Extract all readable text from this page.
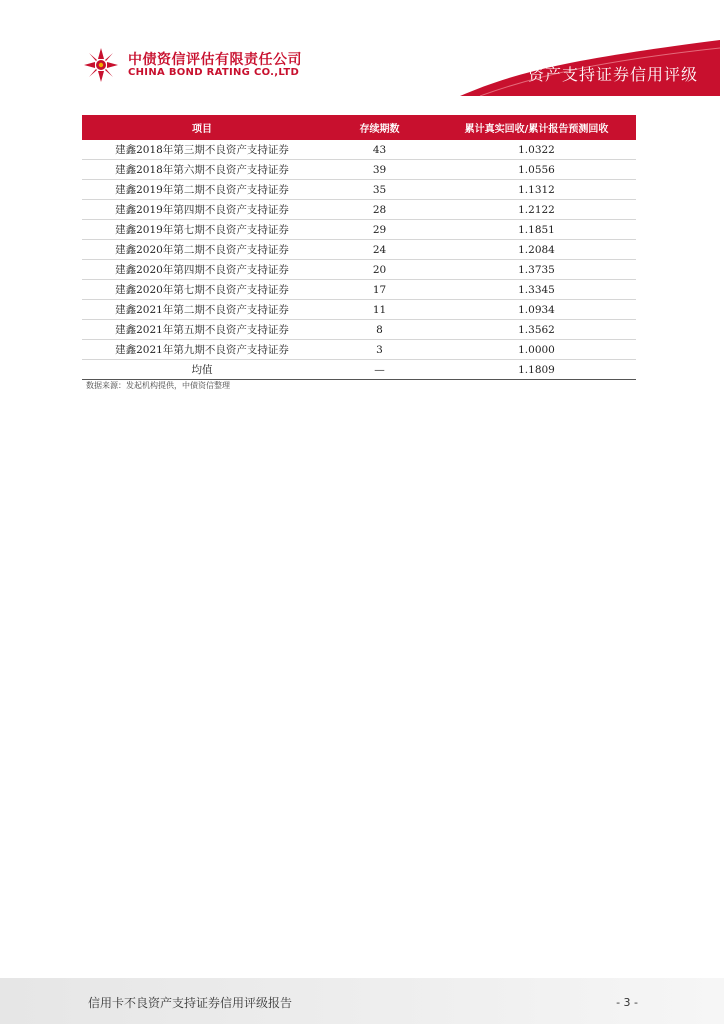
中债资信评估有限责任公司
CHINA BOND RATING CO.,LTD	资产支持证券信用评级
项目	存续期数	累计真实回收/累计报告预测回收
建鑫2018年第三期不良资产支持证券	43	1.0322
建鑫2018年第六期不良资产支持证券	39	1.0556
建鑫2019年第二期不良资产支持证券	35	1.1312
建鑫2019年第四期不良资产支持证券	28	1.2122
建鑫2019年第七期不良资产支持证券	29	1.1851
建鑫2020年第二期不良资产支持证券	24	1.2084
建鑫2020年第四期不良资产支持证券	20	1.3735
建鑫2020年第七期不良资产支持证券	17	1.3345
建鑫2021年第二期不良资产支持证券	11	1.0934
建鑫2021年第五期不良资产支持证券	8	1.3562
建鑫2021年第九期不良资产支持证券	3	1.0000
均值	—	1.1809
数据来源：发起机构提供，中债资信整理
信用卡不良资产支持证券信用评级报告	- 3 -
